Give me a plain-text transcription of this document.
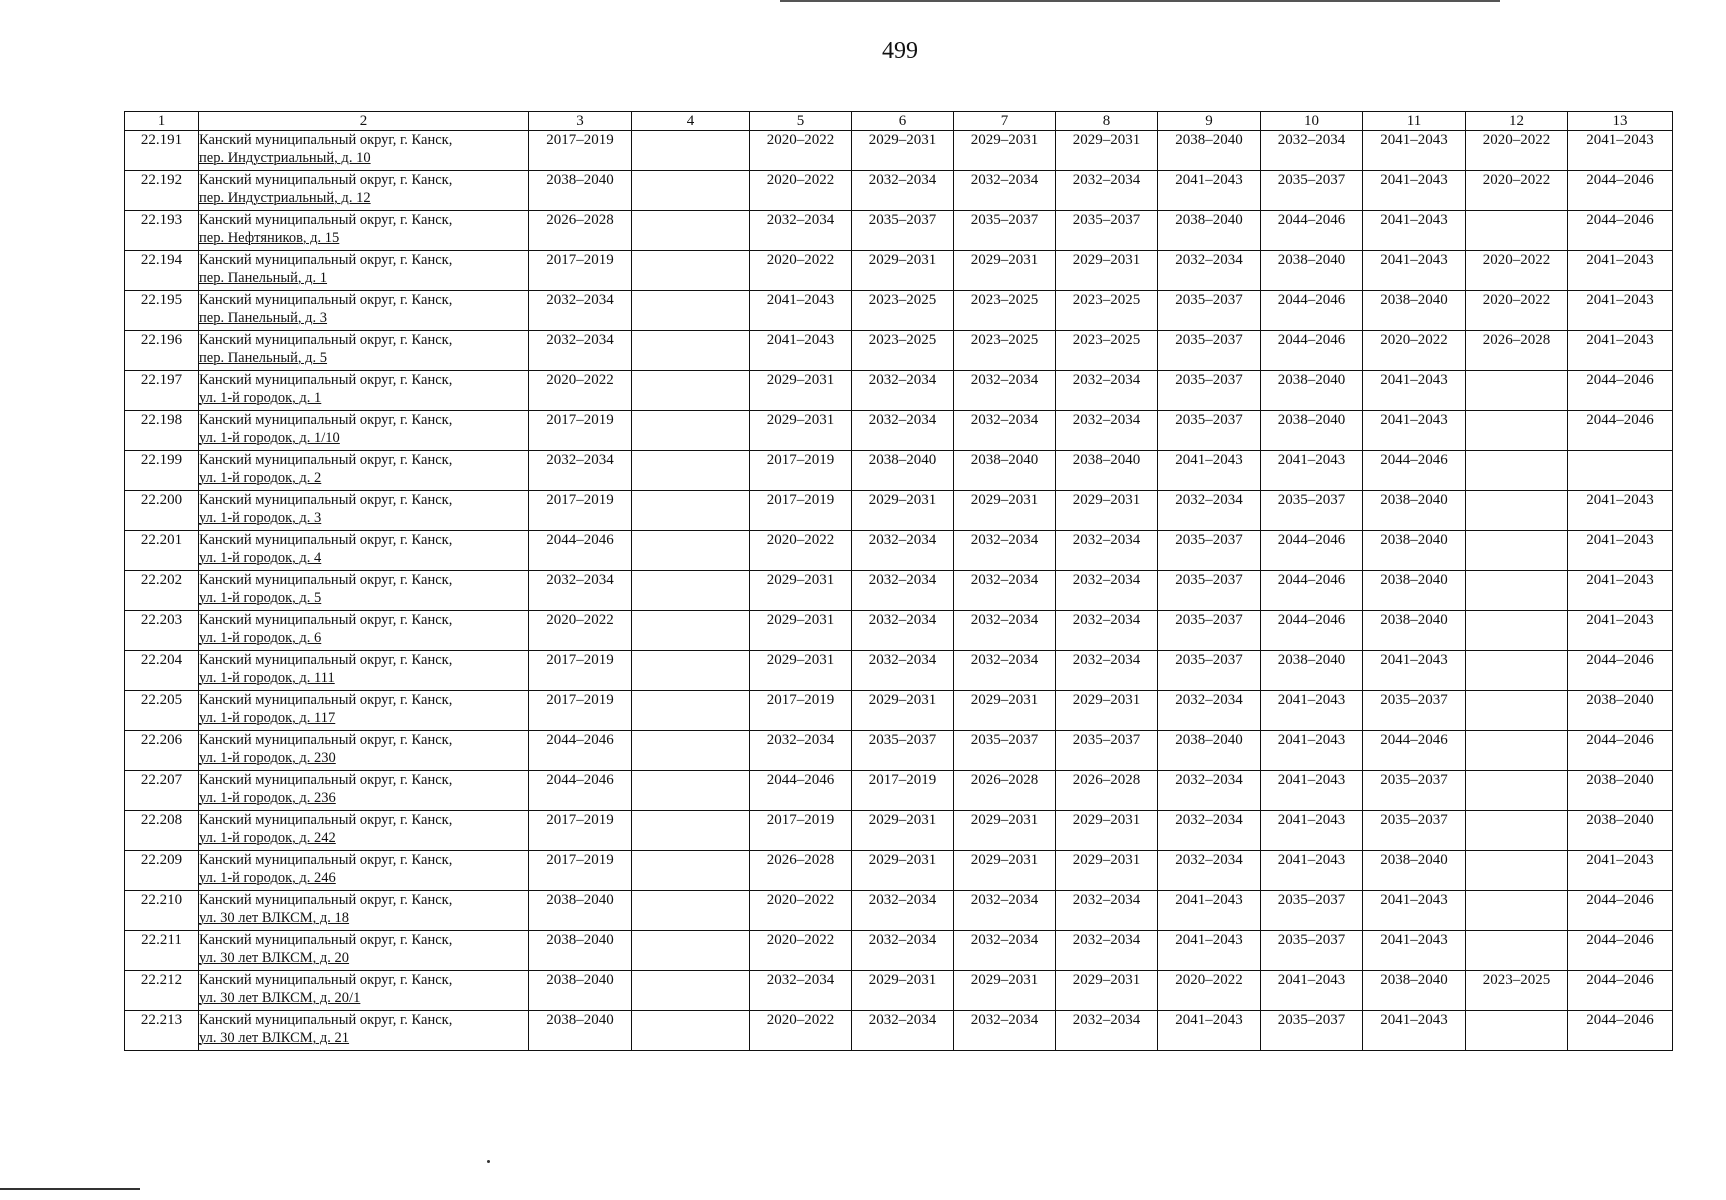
499
1	2	3	4	5	6	7	8	9	10	11	12	13
22.191	Канский муниципальный округ, г. Канск,
пер. Индустриальный, д. 10	2017–2019		2020–2022	2029–2031	2029–2031	2029–2031	2038–2040	2032–2034	2041–2043	2020–2022	2041–2043
22.192	Канский муниципальный округ, г. Канск,
пер. Индустриальный, д. 12	2038–2040		2020–2022	2032–2034	2032–2034	2032–2034	2041–2043	2035–2037	2041–2043	2020–2022	2044–2046
22.193	Канский муниципальный округ, г. Канск,
пер. Нефтяников, д. 15	2026–2028		2032–2034	2035–2037	2035–2037	2035–2037	2038–2040	2044–2046	2041–2043		2044–2046
22.194	Канский муниципальный округ, г. Канск,
пер. Панельный, д. 1	2017–2019		2020–2022	2029–2031	2029–2031	2029–2031	2032–2034	2038–2040	2041–2043	2020–2022	2041–2043
22.195	Канский муниципальный округ, г. Канск,
пер. Панельный, д. 3	2032–2034		2041–2043	2023–2025	2023–2025	2023–2025	2035–2037	2044–2046	2038–2040	2020–2022	2041–2043
22.196	Канский муниципальный округ, г. Канск,
пер. Панельный, д. 5	2032–2034		2041–2043	2023–2025	2023–2025	2023–2025	2035–2037	2044–2046	2020–2022	2026–2028	2041–2043
22.197	Канский муниципальный округ, г. Канск,
ул. 1-й городок, д. 1	2020–2022		2029–2031	2032–2034	2032–2034	2032–2034	2035–2037	2038–2040	2041–2043		2044–2046
22.198	Канский муниципальный округ, г. Канск,
ул. 1-й городок, д. 1/10	2017–2019		2029–2031	2032–2034	2032–2034	2032–2034	2035–2037	2038–2040	2041–2043		2044–2046
22.199	Канский муниципальный округ, г. Канск,
ул. 1-й городок, д. 2	2032–2034		2017–2019	2038–2040	2038–2040	2038–2040	2041–2043	2041–2043	2044–2046		
22.200	Канский муниципальный округ, г. Канск,
ул. 1-й городок, д. 3	2017–2019		2017–2019	2029–2031	2029–2031	2029–2031	2032–2034	2035–2037	2038–2040		2041–2043
22.201	Канский муниципальный округ, г. Канск,
ул. 1-й городок, д. 4	2044–2046		2020–2022	2032–2034	2032–2034	2032–2034	2035–2037	2044–2046	2038–2040		2041–2043
22.202	Канский муниципальный округ, г. Канск,
ул. 1-й городок, д. 5	2032–2034		2029–2031	2032–2034	2032–2034	2032–2034	2035–2037	2044–2046	2038–2040		2041–2043
22.203	Канский муниципальный округ, г. Канск,
ул. 1-й городок, д. 6	2020–2022		2029–2031	2032–2034	2032–2034	2032–2034	2035–2037	2044–2046	2038–2040		2041–2043
22.204	Канский муниципальный округ, г. Канск,
ул. 1-й городок, д. 111	2017–2019		2029–2031	2032–2034	2032–2034	2032–2034	2035–2037	2038–2040	2041–2043		2044–2046
22.205	Канский муниципальный округ, г. Канск,
ул. 1-й городок, д. 117	2017–2019		2017–2019	2029–2031	2029–2031	2029–2031	2032–2034	2041–2043	2035–2037		2038–2040
22.206	Канский муниципальный округ, г. Канск,
ул. 1-й городок, д. 230	2044–2046		2032–2034	2035–2037	2035–2037	2035–2037	2038–2040	2041–2043	2044–2046		2044–2046
22.207	Канский муниципальный округ, г. Канск,
ул. 1-й городок, д. 236	2044–2046		2044–2046	2017–2019	2026–2028	2026–2028	2032–2034	2041–2043	2035–2037		2038–2040
22.208	Канский муниципальный округ, г. Канск,
ул. 1-й городок, д. 242	2017–2019		2017–2019	2029–2031	2029–2031	2029–2031	2032–2034	2041–2043	2035–2037		2038–2040
22.209	Канский муниципальный округ, г. Канск,
ул. 1-й городок, д. 246	2017–2019		2026–2028	2029–2031	2029–2031	2029–2031	2032–2034	2041–2043	2038–2040		2041–2043
22.210	Канский муниципальный округ, г. Канск,
ул. 30 лет ВЛКСМ, д. 18	2038–2040		2020–2022	2032–2034	2032–2034	2032–2034	2041–2043	2035–2037	2041–2043		2044–2046
22.211	Канский муниципальный округ, г. Канск,
ул. 30 лет ВЛКСМ, д. 20	2038–2040		2020–2022	2032–2034	2032–2034	2032–2034	2041–2043	2035–2037	2041–2043		2044–2046
22.212	Канский муниципальный округ, г. Канск,
ул. 30 лет ВЛКСМ, д. 20/1	2038–2040		2032–2034	2029–2031	2029–2031	2029–2031	2020–2022	2041–2043	2038–2040	2023–2025	2044–2046
22.213	Канский муниципальный округ, г. Канск,
ул. 30 лет ВЛКСМ, д. 21	2038–2040		2020–2022	2032–2034	2032–2034	2032–2034	2041–2043	2035–2037	2041–2043		2044–2046
